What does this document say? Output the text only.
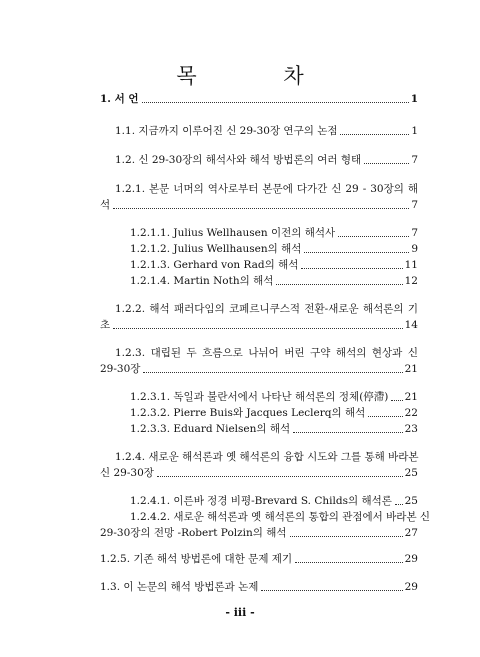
목 차
1. 서 언	1
1.1. 지금까지 이루어진 신 29-30장 연구의 논점	1
1.2. 신 29-30장의 해석사와 해석 방법론의 여러 형태	7
1.2.1. 본문 너머의 역사로부터 본문에 다가간 신 29 - 30장의 해
석	7
1.2.1.1. Julius Wellhausen 이전의 해석사	7
1.2.1.2. Julius Wellhausen의 해석	9
1.2.1.3. Gerhard von Rad의 해석	11
1.2.1.4. Martin Noth의 해석	12
1.2.2. 해석 패러다임의 코페르니쿠스적 전환-새로운 해석론의 기
초	14
1.2.3. 대립된 두 흐름으로 나뉘어 버린 구약 해석의 현상과 신
29-30장	21
1.2.3.1. 독일과 불란서에서 나타난 해석론의 정체(停滯) 21
1.2.3.2. Pierre Buis와 Jacques Leclerq의 해석	22
1.2.3.3. Eduard Nielsen의 해석	23
1.2.4. 새로운 해석론과 옛 해석론의 융합 시도와 그를 통해 바라본
신 29-30장	25
1.2.4.1. 이른바 정경 비평-Brevard S. Childs의 해석론 25
1.2.4.2. 새로운 해석론과 옛 해석론의 통합의 관점에서 바라본 신
29-30장의 전망 -Robert Polzin의 해석	27
1.2.5. 기존 해석 방법론에 대한 문제 제기	29
1.3. 이 논문의 해석 방법론과 논제	29
- iii -
